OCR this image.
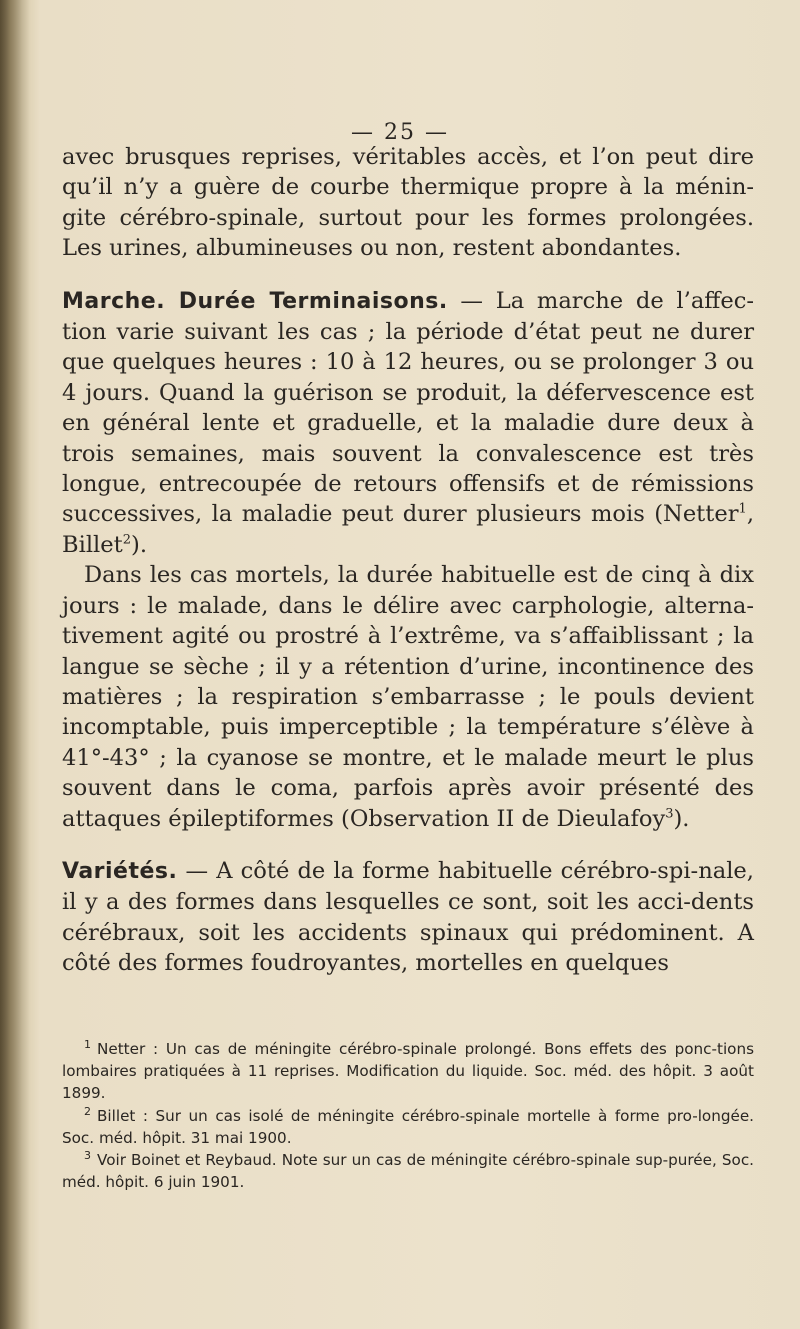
— 25 —

avec brusques reprises, véritables accès, et l’on peut dire qu’il n’y a guère de courbe thermique propre à la ménin-gite cérébro-spinale, surtout pour les formes prolongées. Les urines, albumineuses ou non, restent abondantes.

Marche. Durée Terminaisons. — La marche de l’affec-tion varie suivant les cas ; la période d’état peut ne durer que quelques heures : 10 à 12 heures, ou se prolonger 3 ou 4 jours. Quand la guérison se produit, la défervescence est en général lente et graduelle, et la maladie dure deux à trois semaines, mais souvent la convalescence est très longue, entrecoupée de retours offensifs et de rémissions successives, la maladie peut durer plusieurs mois (Netter$^1$, Billet$^2$).

Dans les cas mortels, la durée habituelle est de cinq à dix jours : le malade, dans le délire avec carphologie, alterna-tivement agité ou prostré à l’extrême, va s’affaiblissant ; la langue se sèche ; il y a rétention d’urine, incontinence des matières ; la respiration s’embarrasse ; le pouls devient incomptable, puis imperceptible ; la température s’élève à 41°-43° ; la cyanose se montre, et le malade meurt le plus souvent dans le coma, parfois après avoir présenté des attaques épileptiformes (Observation II de Dieulafoy$^3$).

Variétés. — A côté de la forme habituelle cérébro-spi-nale, il y a des formes dans lesquelles ce sont, soit les acci-dents cérébraux, soit les accidents spinaux qui prédominent. A côté des formes foudroyantes, mortelles en quelques

$^1$ Netter : Un cas de méningite cérébro-spinale prolongé. Bons effets des ponc-tions lombaires pratiquées à 11 reprises. Modification du liquide. Soc. méd. des hôpit. 3 août 1899.

$^2$ Billet : Sur un cas isolé de méningite cérébro-spinale mortelle à forme pro-longée. Soc. méd. hôpit. 31 mai 1900.

$^3$ Voir Boinet et Reybaud. Note sur un cas de méningite cérébro-spinale sup-purée, Soc. méd. hôpit. 6 juin 1901.
